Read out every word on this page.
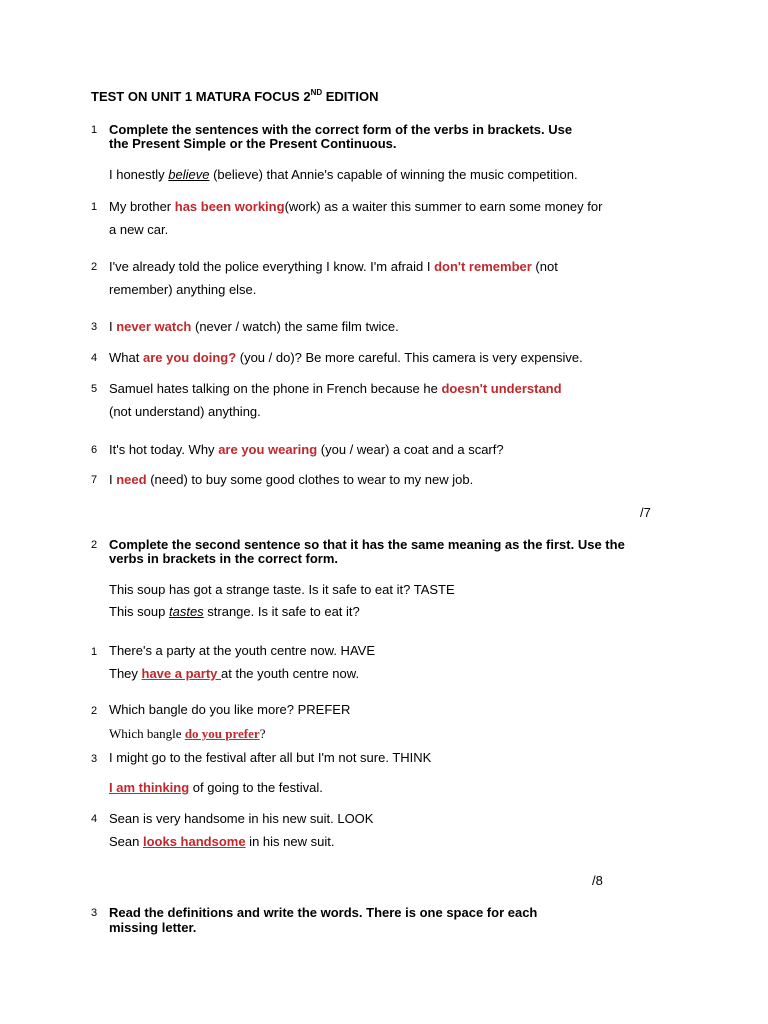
TEST ON UNIT 1 MATURA FOCUS 2ND EDITION
1 Complete the sentences with the correct form of the verbs in brackets. Use
the Present Simple or the Present Continuous.
I honestly believe (believe) that Annie's capable of winning the music competition.
1 My brother has been working(work) as a waiter this summer to earn some money for
a new car.
2 I've already told the police everything I know. I'm afraid I don't remember (not
remember) anything else.
3 I never watch (never / watch) the same film twice.
4 What are you doing? (you / do)? Be more careful. This camera is very expensive.
5 Samuel hates talking on the phone in French because he doesn't understand
(not understand) anything.
6 It's hot today. Why are you wearing (you / wear) a coat and a scarf?
7 I need (need) to buy some good clothes to wear to my new job.
/7
2 Complete the second sentence so that it has the same meaning as the first. Use the
verbs in brackets in the correct form.
This soup has got a strange taste. Is it safe to eat it? TASTE
This soup tastes strange. Is it safe to eat it?
1 There's a party at the youth centre now. HAVE
They have a party at the youth centre now.
2 Which bangle do you like more? PREFER
Which bangle do you prefer?
3 I might go to the festival after all but I'm not sure. THINK
I am thinking of going to the festival.
4 Sean is very handsome in his new suit. LOOK
Sean looks handsome in his new suit.
/8
3 Read the definitions and write the words. There is one space for each
missing letter.
